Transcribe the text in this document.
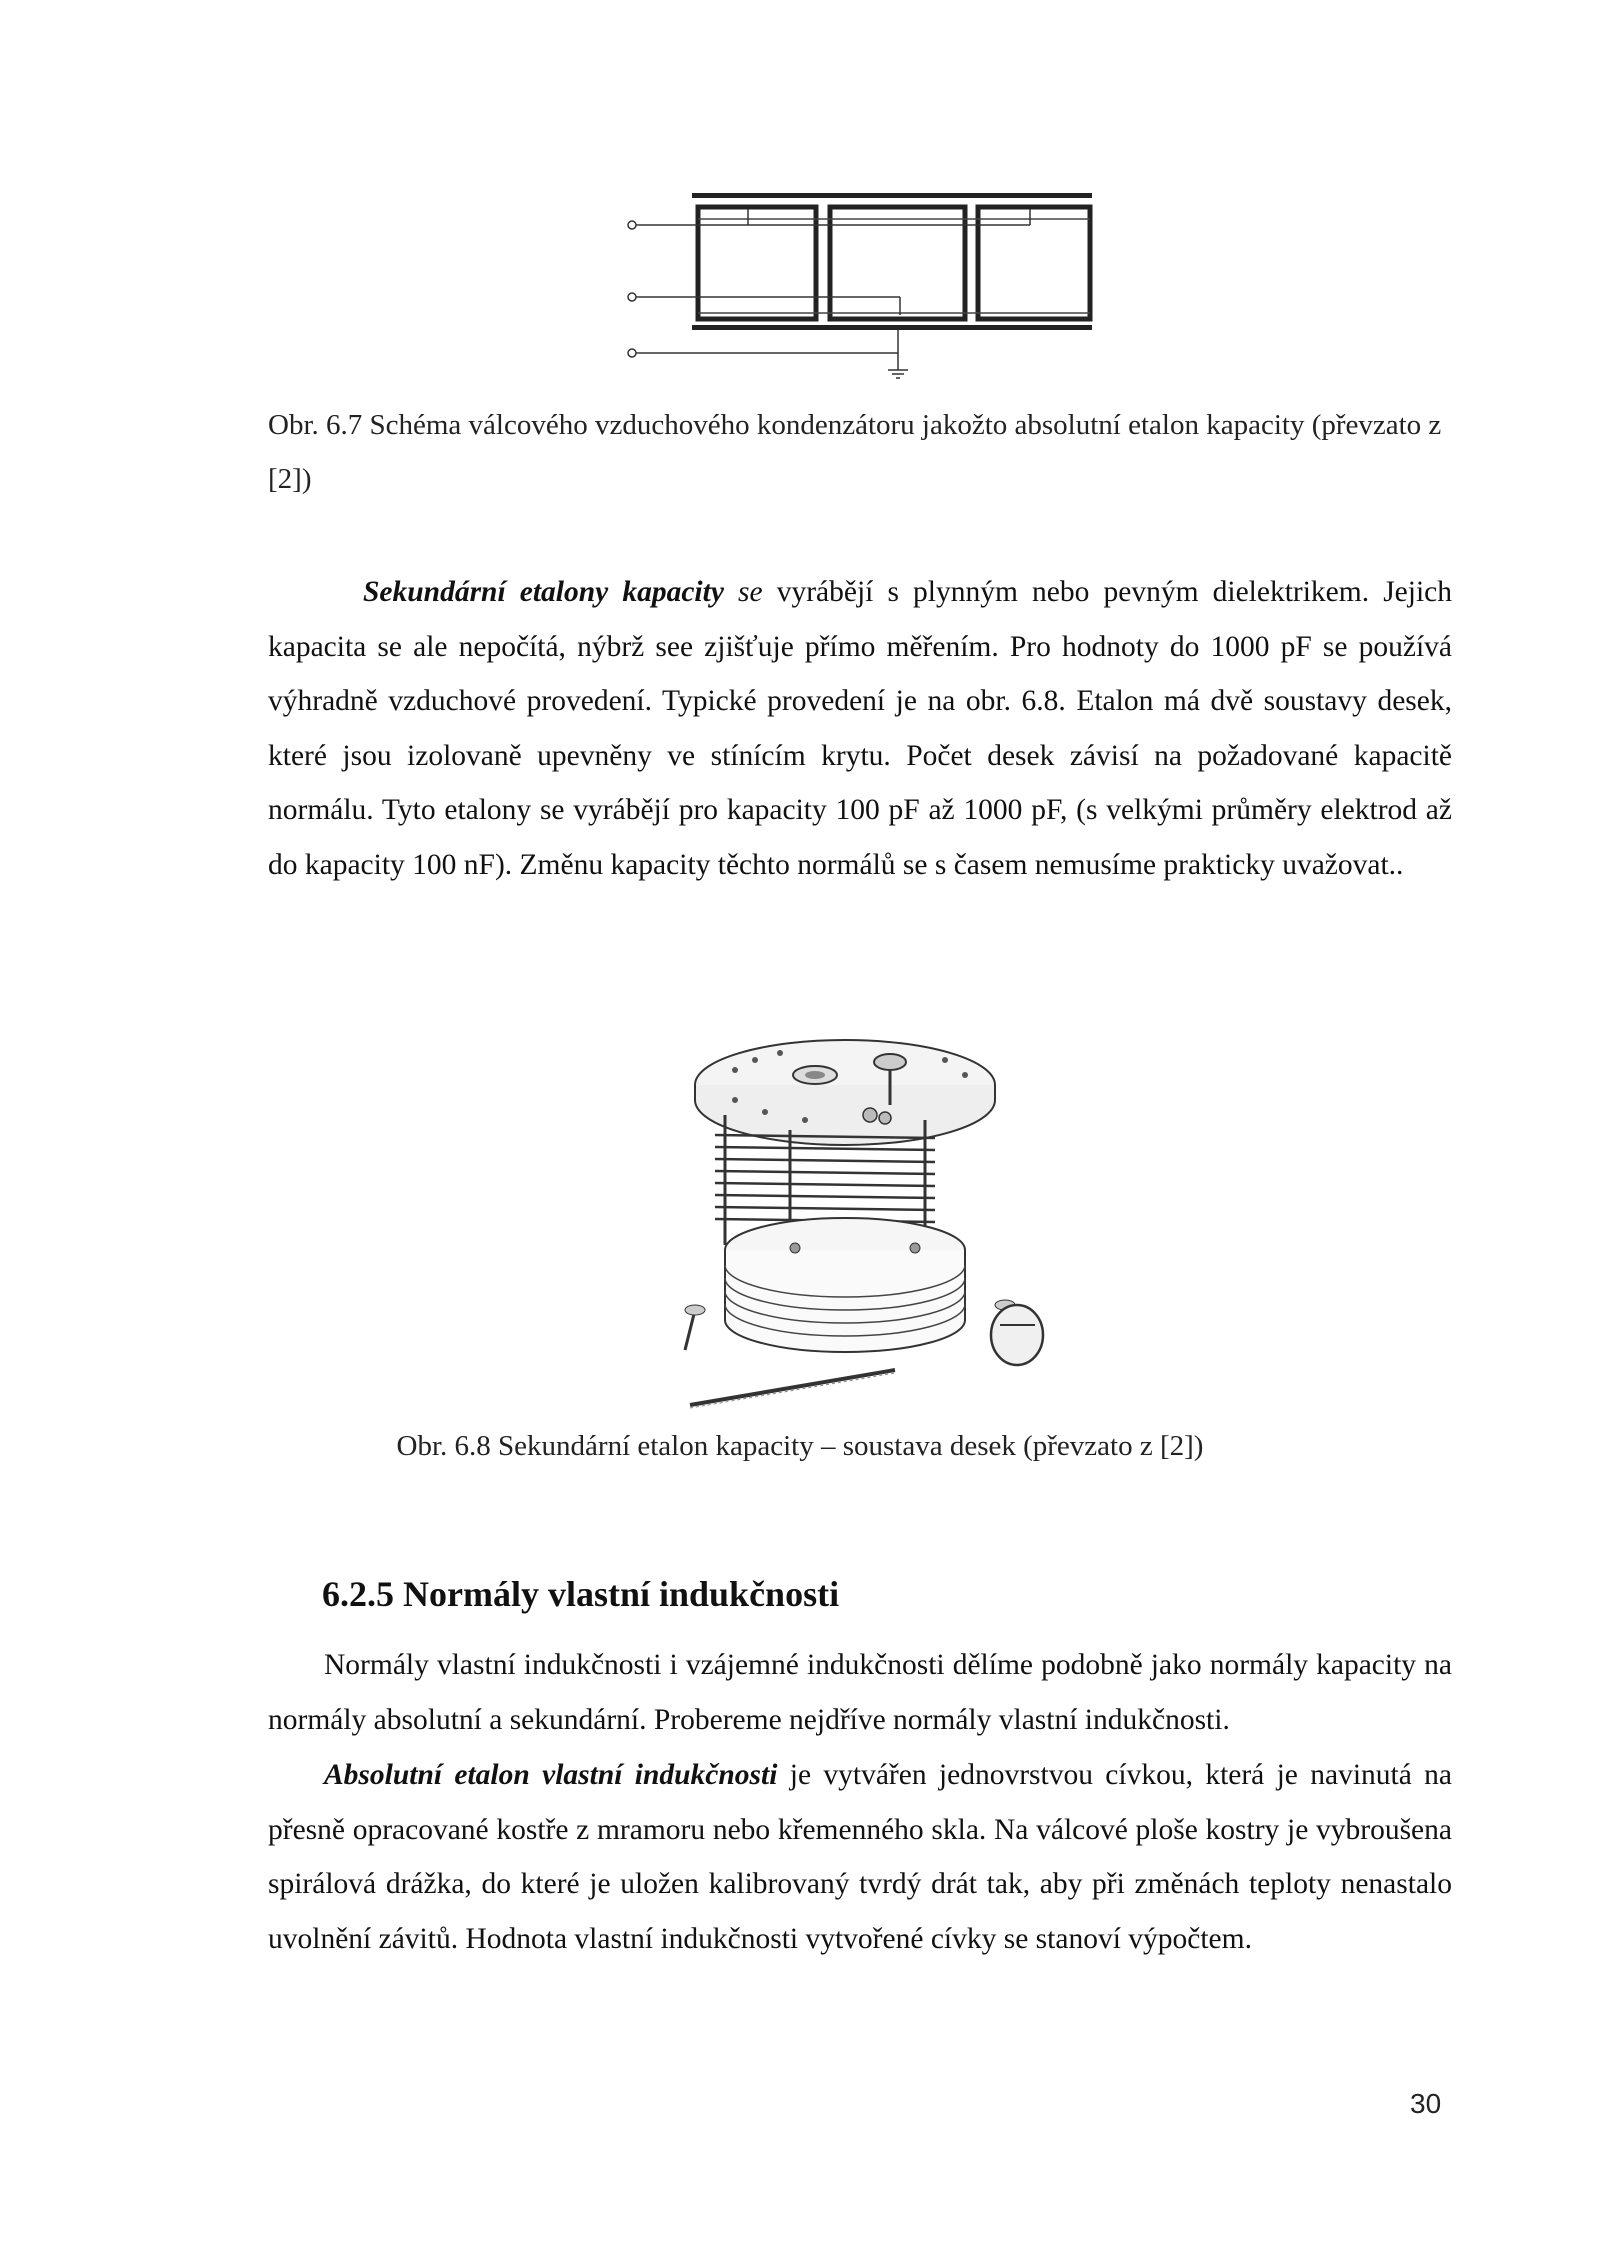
Obr. 6.7 Schéma válcového vzduchového kondenzátoru jakožto absolutní etalon kapacity (převzato z [2])
Sekundární etalony kapacity se vyrábějí s plynným nebo pevným dielektrikem. Jejich kapacita se ale nepočítá, nýbrž see zjišťuje přímo měřením. Pro hodnoty do 1000 pF se používá výhradně vzduchové provedení. Typické provedení je na obr. 6.8. Etalon má dvě soustavy desek, které jsou izolovaně upevněny ve stínícím krytu. Počet desek závisí na požadované kapacitě normálu. Tyto etalony se vyrábějí pro kapacity 100 pF až 1000 pF, (s velkými průměry elektrod až do kapacity 100 nF). Změnu kapacity těchto normálů se s časem nemusíme prakticky uvažovat..
Obr. 6.8 Sekundární etalon kapacity – soustava desek (převzato z [2])
6.2.5 Normály vlastní indukčnosti
Normály vlastní indukčnosti i vzájemné indukčnosti dělíme podobně jako normály kapacity na normály absolutní a sekundární. Probereme nejdříve normály vlastní indukčnosti.
Absolutní etalon vlastní indukčnosti je vytvářen jednovrstvou cívkou, která je navinutá na přesně opracované kostře z mramoru nebo křemenného skla. Na válcové ploše kostry je vybroušena spirálová drážka, do které je uložen kalibrovaný tvrdý drát tak, aby při změnách teploty nenastalo uvolnění závitů. Hodnota vlastní indukčnosti vytvořené cívky se stanoví výpočtem.
30
